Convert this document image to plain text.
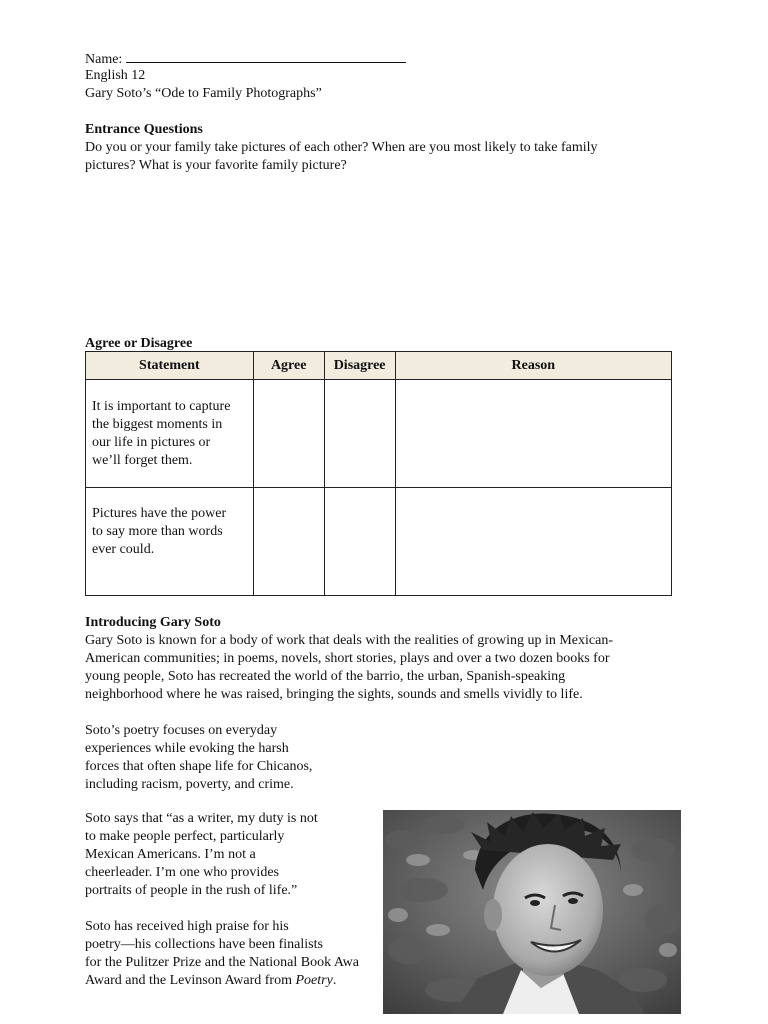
Name:
English 12
Gary Soto’s “Ode to Family Photographs”
Entrance Questions
Do you or your family take pictures of each other? When are you most likely to take family
pictures? What is your favorite family picture?
Agree or Disagree
Statement	Agree	Disagree	Reason

It is important to capture
the biggest moments in
our life in pictures or
we’ll forget them.			

Pictures have the power
to say more than words
ever could.			

Introducing Gary Soto
Gary Soto is known for a body of work that deals with the realities of growing up in Mexican-
American communities; in poems, novels, short stories, plays and over a two dozen books for
young people, Soto has recreated the world of the barrio, the urban, Spanish-speaking
neighborhood where he was raised, bringing the sights, sounds and smells vividly to life.
Soto’s poetry focuses on everyday
experiences while evoking the harsh
forces that often shape life for Chicanos,
including racism, poverty, and crime.
Soto says that “as a writer, my duty is not
to make people perfect, particularly
Mexican Americans. I’m not a
cheerleader. I’m one who provides
portraits of people in the rush of life.”
Soto has received high praise for his
poetry—his collections have been finalists
for the Pulitzer Prize and the National Book Awa
Award and the Levinson Award from Poetry.
